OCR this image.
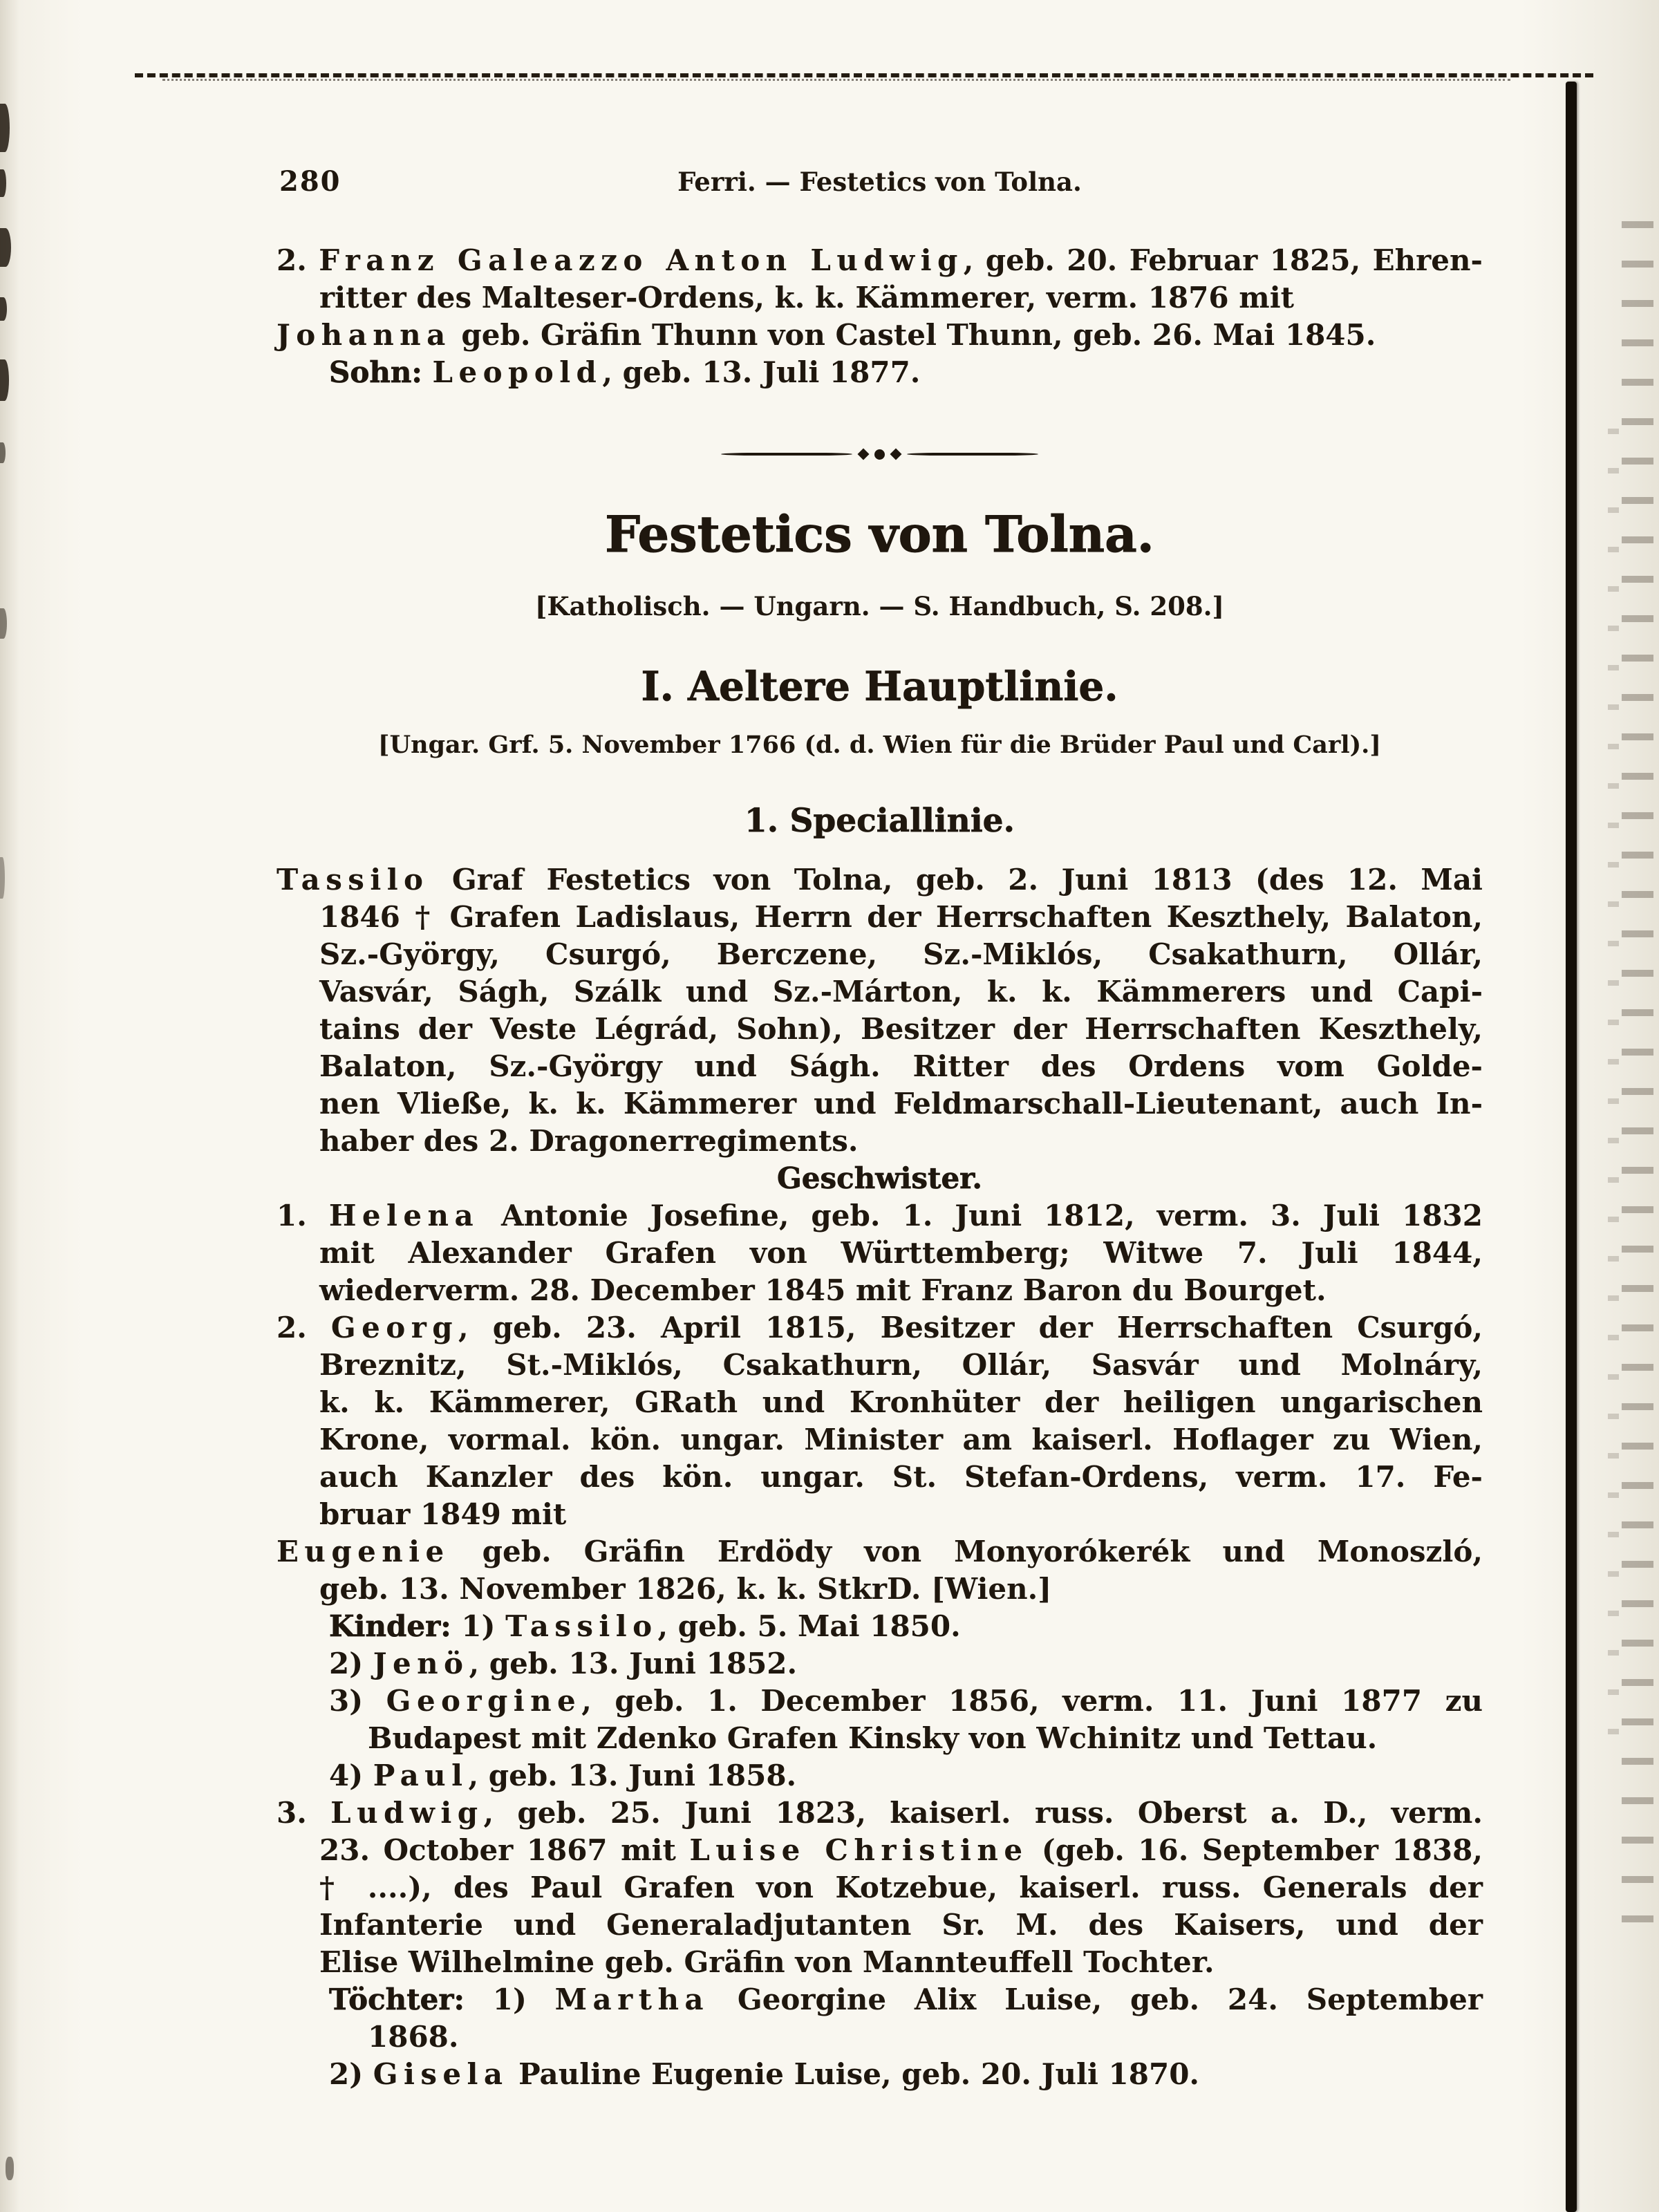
280	Ferri. — Festetics von Tolna.
2. Franz Galeazzo Anton Ludwig, geb. 20. Februar 1825, Ehren-
ritter des Malteser-Ordens, k. k. Kämmerer, verm. 1876 mit
Johanna geb. Gräfin Thunn von Castel Thunn, geb. 26. Mai 1845.
Sohn: Leopold, geb. 13. Juli 1877.
Festetics von Tolna.
[Katholisch. — Ungarn. — S. Handbuch, S. 208.]
I. Aeltere Hauptlinie.
[Ungar. Grf. 5. November 1766 (d. d. Wien für die Brüder Paul und Carl).]
1. Speciallinie.
Tassilo Graf Festetics von Tolna, geb. 2. Juni 1813 (des 12. Mai
1846 † Grafen Ladislaus, Herrn der Herrschaften Keszthely, Balaton,
Sz.-György, Csurgó, Berczene, Sz.-Miklós, Csakathurn, Ollár,
Vasvár, Ságh, Szálk und Sz.-Márton, k. k. Kämmerers und Capi-
tains der Veste Légrád, Sohn), Besitzer der Herrschaften Keszthely,
Balaton, Sz.-György und Ságh. Ritter des Ordens vom Golde-
nen Vließe, k. k. Kämmerer und Feldmarschall-Lieutenant, auch In-
haber des 2. Dragonerregiments.
Geschwister.
1. Helena Antonie Josefine, geb. 1. Juni 1812, verm. 3. Juli 1832
mit Alexander Grafen von Württemberg; Witwe 7. Juli 1844,
wiederverm. 28. December 1845 mit Franz Baron du Bourget.
2. Georg, geb. 23. April 1815, Besitzer der Herrschaften Csurgó,
Breznitz, St.-Miklós, Csakathurn, Ollár, Sasvár und Molnáry,
k. k. Kämmerer, GRath und Kronhüter der heiligen ungarischen
Krone, vormal. kön. ungar. Minister am kaiserl. Hoflager zu Wien,
auch Kanzler des kön. ungar. St. Stefan-Ordens, verm. 17. Fe-
bruar 1849 mit
Eugenie geb. Gräfin Erdödy von Monyorókerék und Monoszló,
geb. 13. November 1826, k. k. StkrD. [Wien.]
Kinder: 1) Tassilo, geb. 5. Mai 1850.
2) Jenö, geb. 13. Juni 1852.
3) Georgine, geb. 1. December 1856, verm. 11. Juni 1877 zu
Budapest mit Zdenko Grafen Kinsky von Wchinitz und Tettau.
4) Paul, geb. 13. Juni 1858.
3. Ludwig, geb. 25. Juni 1823, kaiserl. russ. Oberst a. D., verm.
23. October 1867 mit Luise Christine (geb. 16. September 1838,
† ....), des Paul Grafen von Kotzebue, kaiserl. russ. Generals der
Infanterie und Generaladjutanten Sr. M. des Kaisers, und der
Elise Wilhelmine geb. Gräfin von Mannteuffell Tochter.
Töchter: 1) Martha Georgine Alix Luise, geb. 24. September
1868.
2) Gisela Pauline Eugenie Luise, geb. 20. Juli 1870.
